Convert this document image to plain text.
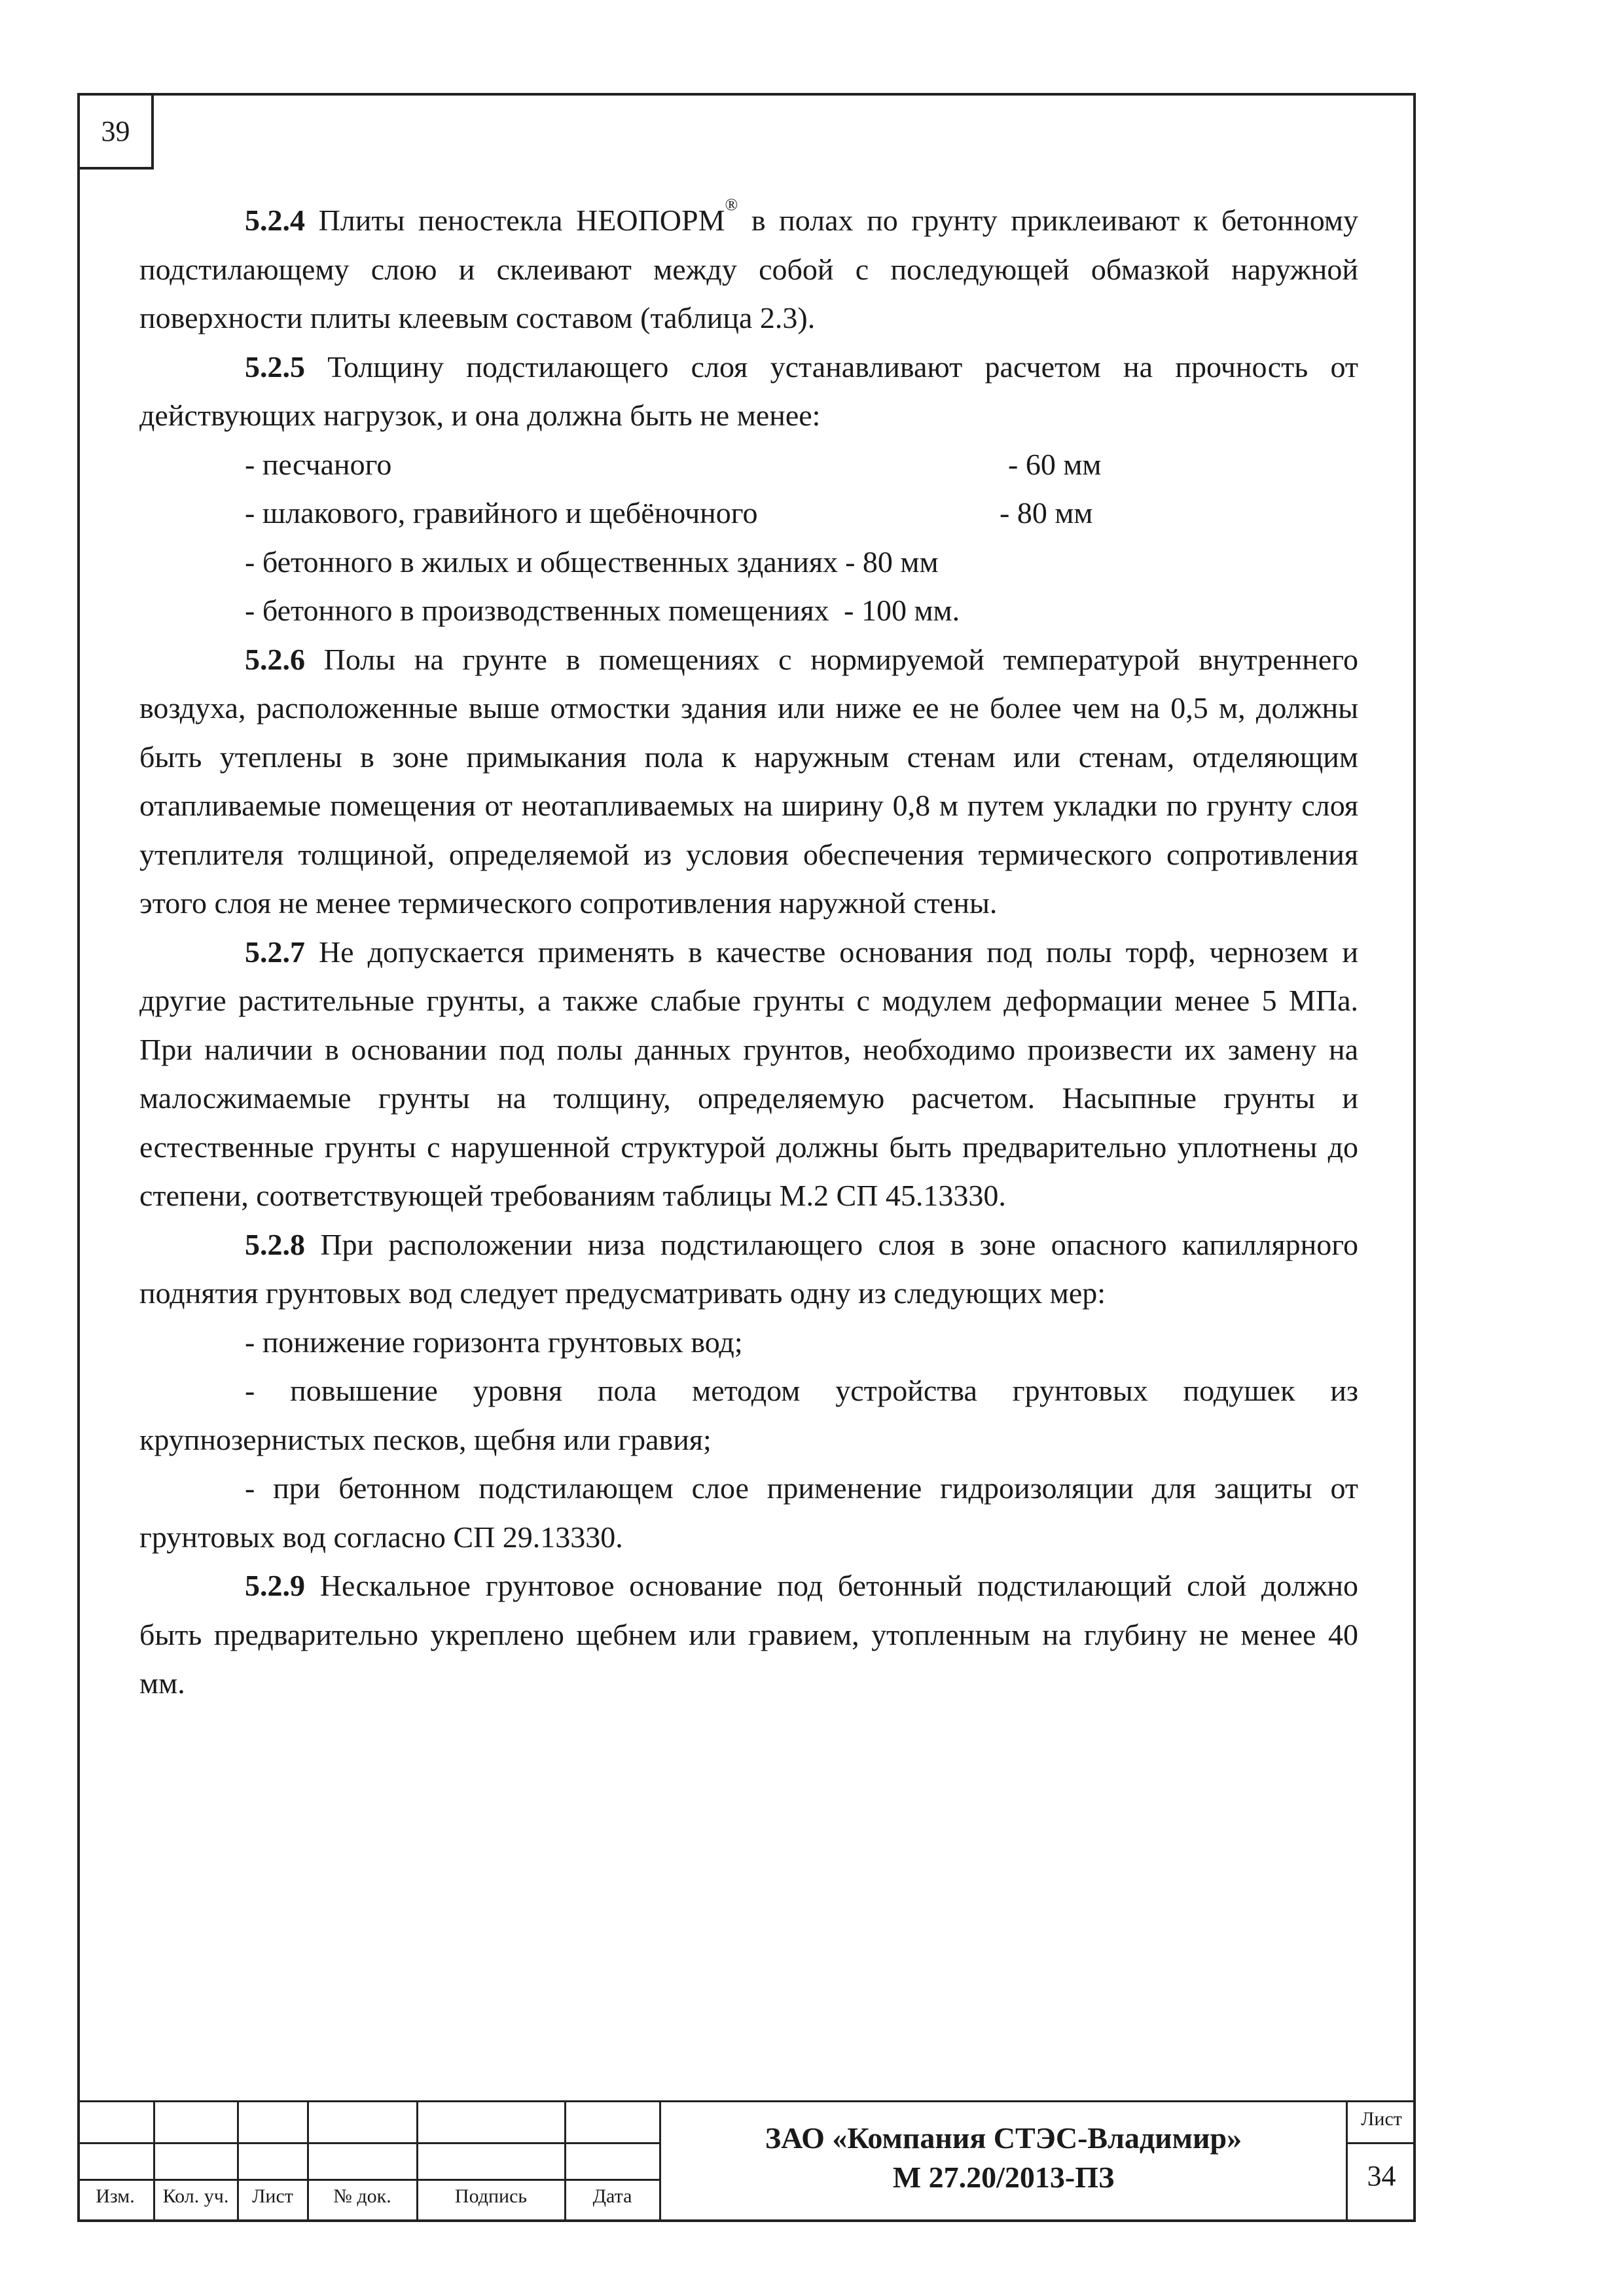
39

5.2.4 Плиты пеностекла НЕОПОРМ® в полах по грунту приклеивают к бетонному подстилающему слою и склеивают между собой с последующей обмазкой наружной поверхности плиты клеевым составом (таблица 2.3).

5.2.5 Толщину подстилающего слоя устанавливают расчетом на прочность от действующих нагрузок, и она должна быть не менее:

- песчаного	- 60 мм
- шлакового, гравийного и щебёночного	- 80 мм
- бетонного в жилых и общественных зданиях - 80 мм
- бетонного в производственных помещениях - 100 мм.

5.2.6 Полы на грунте в помещениях с нормируемой температурой внутреннего воздуха, расположенные выше отмостки здания или ниже ее не более чем на 0,5 м, должны быть утеплены в зоне примыкания пола к наружным стенам или стенам, отделяющим отапливаемые помещения от неотапливаемых на ширину 0,8 м путем укладки по грунту слоя утеплителя толщиной, определяемой из условия обеспечения термического сопротивления этого слоя не менее термического сопротивления наружной стены.

5.2.7 Не допускается применять в качестве основания под полы торф, чернозем и другие растительные грунты, а также слабые грунты с модулем деформации менее 5 МПа. При наличии в основании под полы данных грунтов, необходимо произвести их замену на малосжимаемые грунты на толщину, определяемую расчетом. Насыпные грунты и естественные грунты с нарушенной структурой должны быть предварительно уплотнены до степени, соответствующей требованиям таблицы М.2 СП 45.13330.

5.2.8 При расположении низа подстилающего слоя в зоне опасного капиллярного поднятия грунтовых вод следует предусматривать одну из следующих мер:

- понижение горизонта грунтовых вод;

- повышение уровня пола методом устройства грунтовых подушек из крупнозернистых песков, щебня или гравия;

- при бетонном подстилающем слое применение гидроизоляции для защиты от грунтовых вод согласно СП 29.13330.

5.2.9 Нескальное грунтовое основание под бетонный подстилающий слой должно быть предварительно укреплено щебнем или гравием, утопленным на глубину не менее 40 мм.

Изм.	Кол. уч.	Лист	№ док.	Подпись	Дата
ЗАО «Компания СТЭС-Владимир»
М 27.20/2013-ПЗ
Лист
34
